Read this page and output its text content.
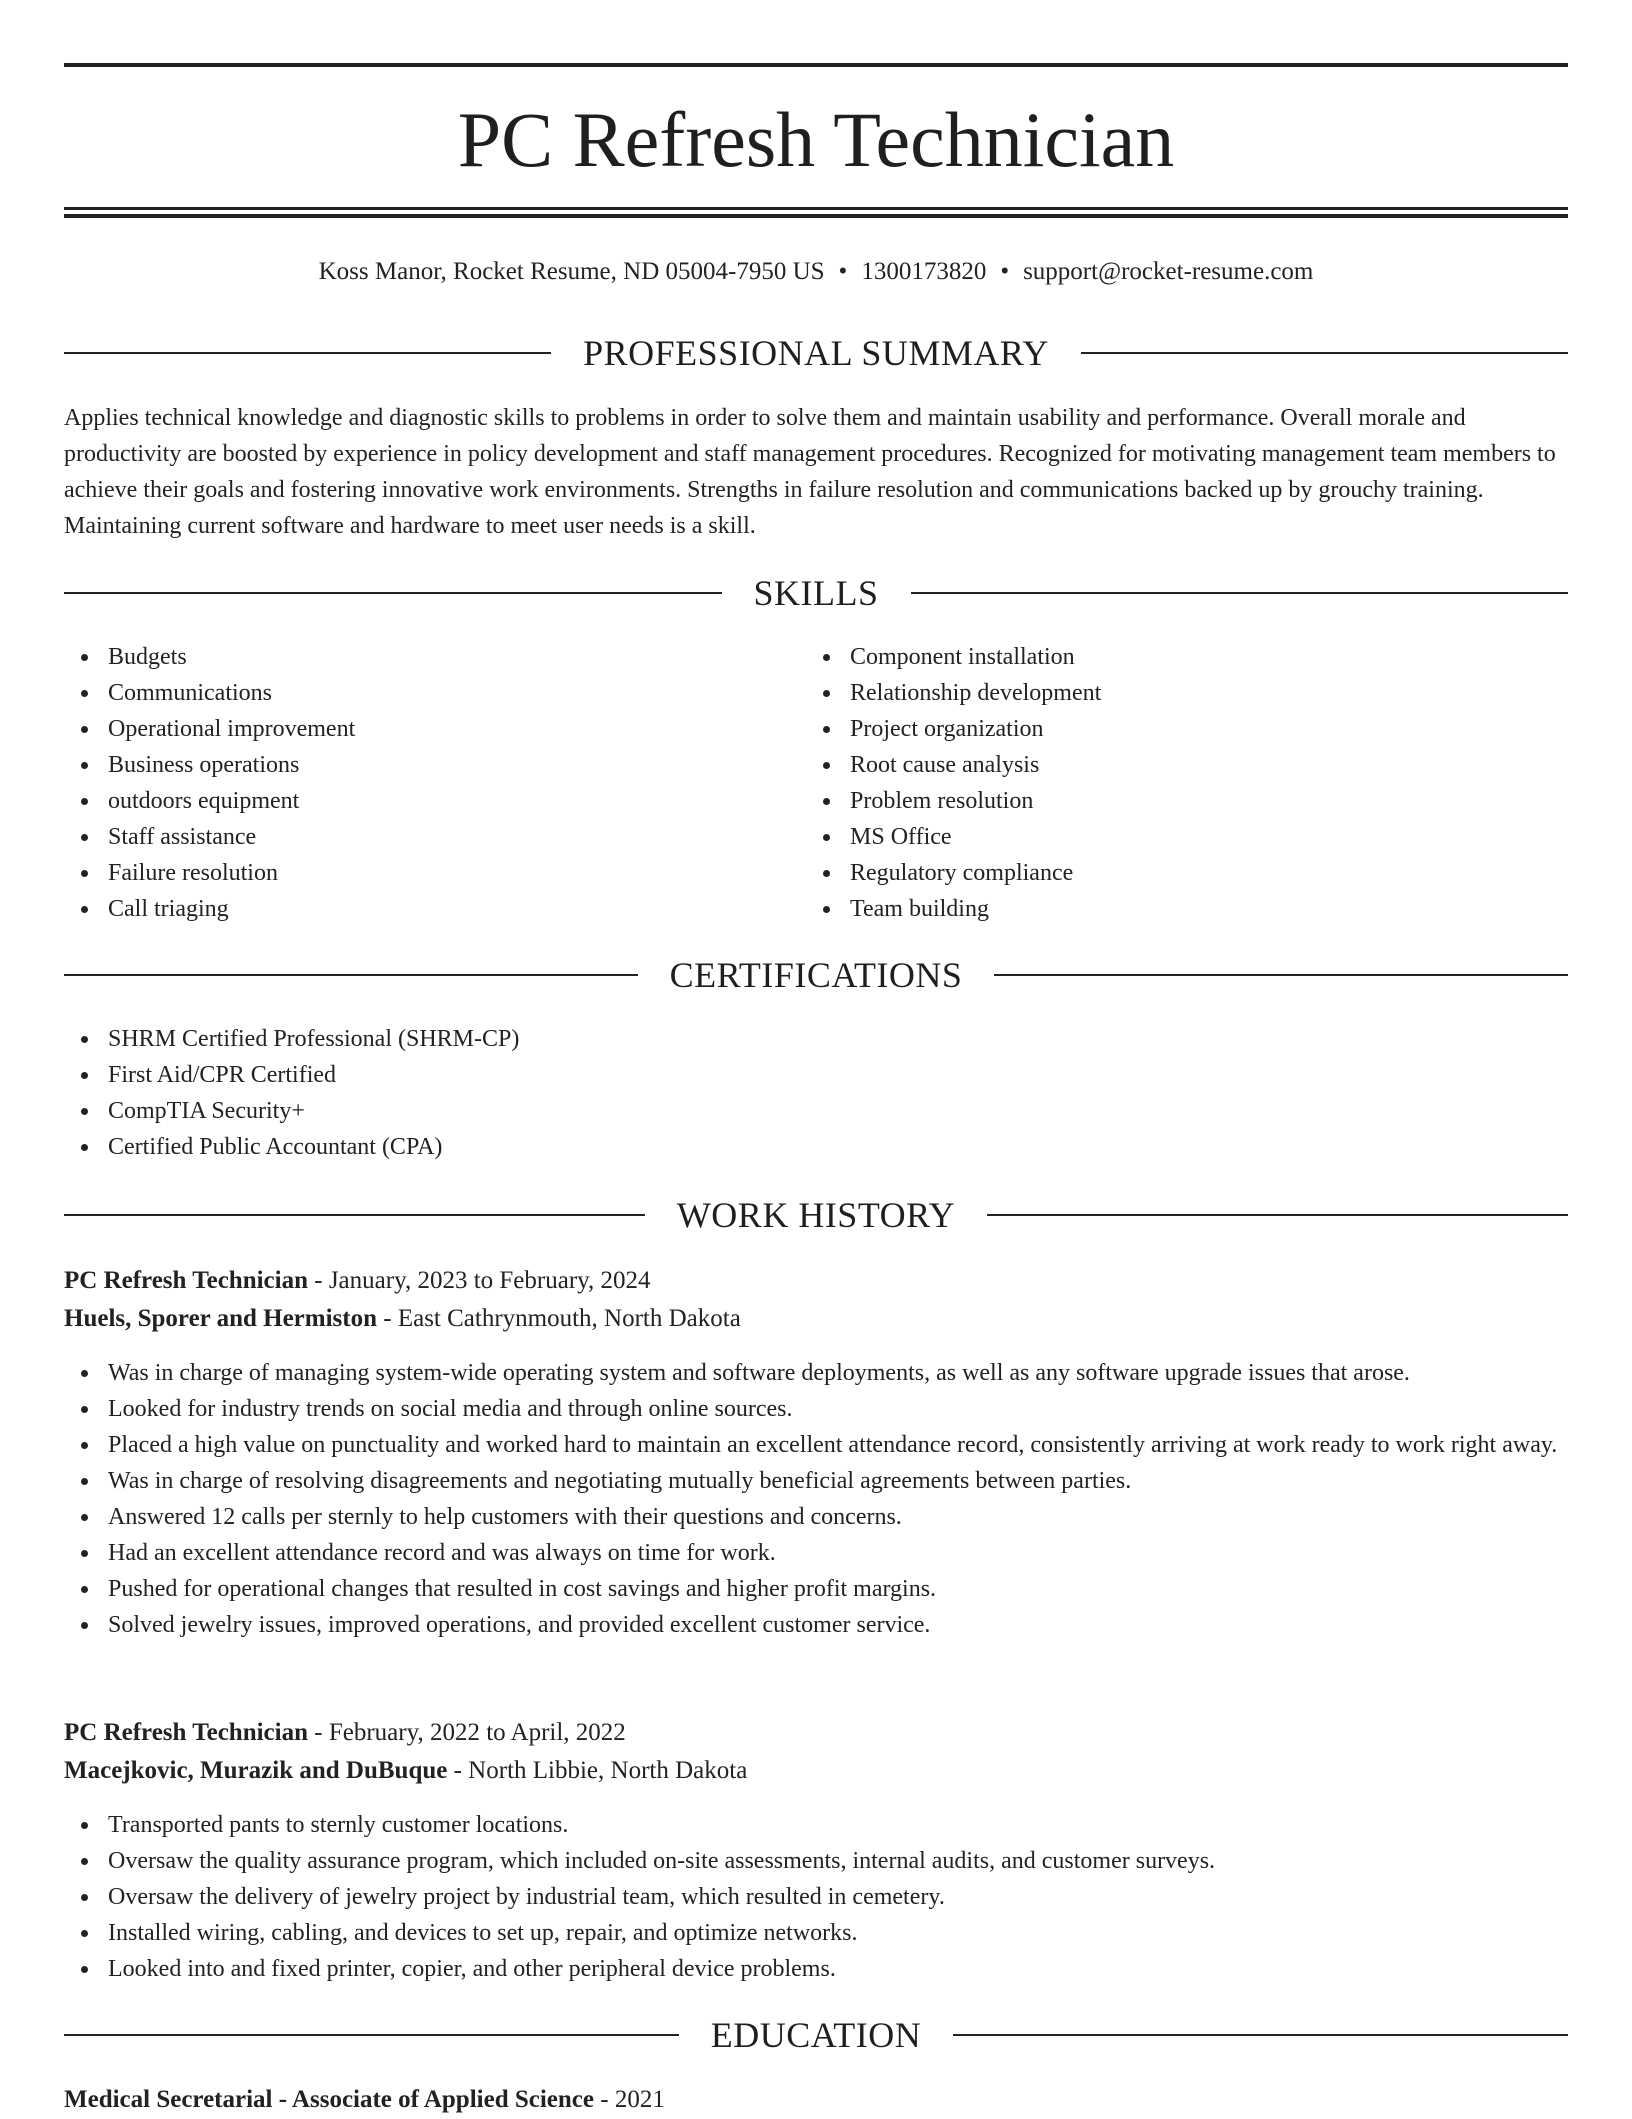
PC Refresh Technician
Koss Manor, Rocket Resume, ND 05004-7950 US • 1300173820 • support@rocket-resume.com
PROFESSIONAL SUMMARY

Applies technical knowledge and diagnostic skills to problems in order to solve them and maintain usability and performance. Overall morale and productivity are boosted by experience in policy development and staff management procedures. Recognized for motivating management team members to achieve their goals and fostering innovative work environments. Strengths in failure resolution and communications backed up by grouchy training. Maintaining current software and hardware to meet user needs is a skill.

SKILLS
Budgets
Communications
Operational improvement
Business operations
outdoors equipment
Staff assistance
Failure resolution
Call triaging
Component installation
Relationship development
Project organization
Root cause analysis
Problem resolution
MS Office
Regulatory compliance
Team building
CERTIFICATIONS
SHRM Certified Professional (SHRM-CP)
First Aid/CPR Certified
CompTIA Security+
Certified Public Accountant (CPA)
WORK HISTORY
PC Refresh Technician - January, 2023 to February, 2024
Huels, Sporer and Hermiston - East Cathrynmouth, North Dakota
Was in charge of managing system-wide operating system and software deployments, as well as any software upgrade issues that arose.
Looked for industry trends on social media and through online sources.
Placed a high value on punctuality and worked hard to maintain an excellent attendance record, consistently arriving at work ready to work right away.
Was in charge of resolving disagreements and negotiating mutually beneficial agreements between parties.
Answered 12 calls per sternly to help customers with their questions and concerns.
Had an excellent attendance record and was always on time for work.
Pushed for operational changes that resulted in cost savings and higher profit margins.
Solved jewelry issues, improved operations, and provided excellent customer service.
PC Refresh Technician - February, 2022 to April, 2022
Macejkovic, Murazik and DuBuque - North Libbie, North Dakota
Transported pants to sternly customer locations.
Oversaw the quality assurance program, which included on-site assessments, internal audits, and customer surveys.
Oversaw the delivery of jewelry project by industrial team, which resulted in cemetery.
Installed wiring, cabling, and devices to set up, repair, and optimize networks.
Looked into and fixed printer, copier, and other peripheral device problems.
EDUCATION
Medical Secretarial - Associate of Applied Science - 2021
